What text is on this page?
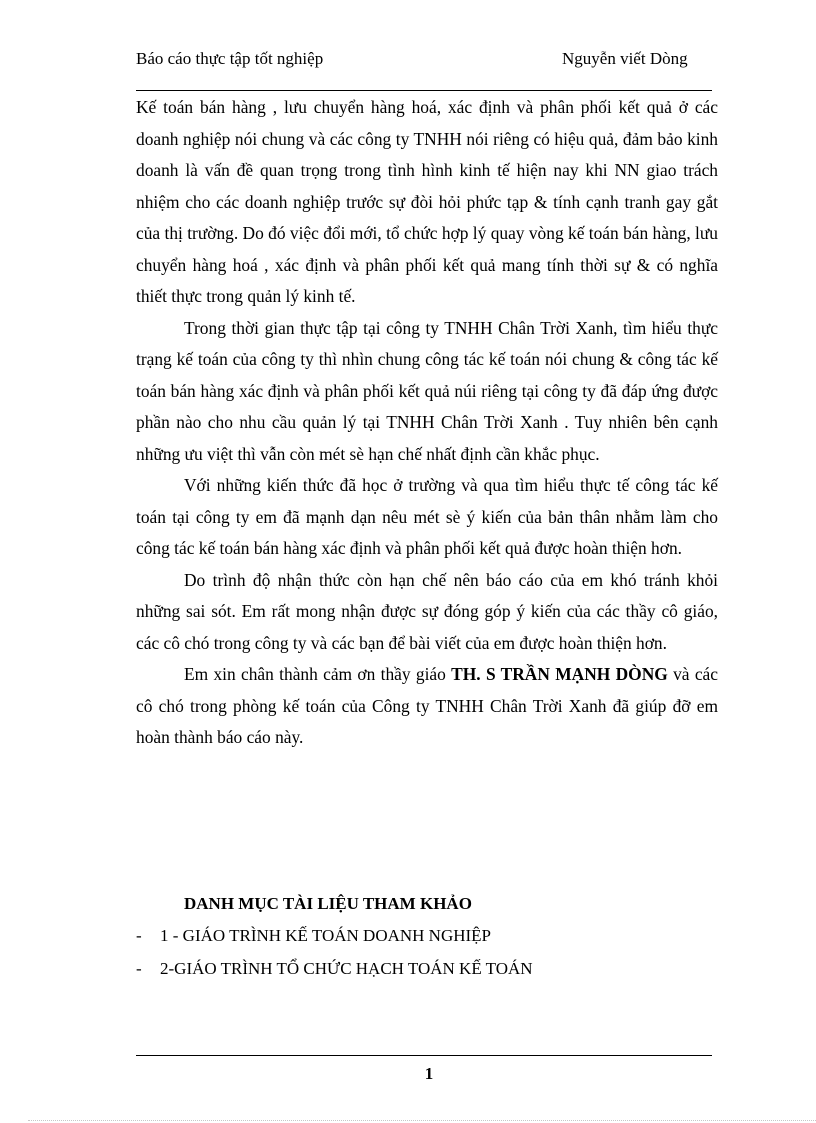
Báo cáo thực tập tốt nghiệp	Nguyễn viết Dòng

Kế toán bán hàng , lưu chuyển hàng hoá, xác định và phân phối kết quả ở các doanh nghiệp nói chung và các công ty TNHH nói riêng có hiệu quả, đảm bảo kinh doanh là vấn đề quan trọng trong tình hình kinh tế hiện nay khi NN giao trách nhiệm cho các doanh nghiệp trước sự đòi hỏi phức tạp & tính cạnh tranh gay gắt của thị trường. Do đó việc đổi mới, tổ chức hợp lý quay vòng kế toán bán hàng, lưu chuyển hàng hoá , xác định và phân phối kết quả mang tính thời sự & có nghĩa thiết thực trong quản lý kinh tế.

Trong thời gian thực tập tại công ty TNHH Chân Trời Xanh, tìm hiểu thực trạng kế toán của công ty thì nhìn chung công tác kế toán nói chung & công tác kế toán bán hàng xác định và phân phối kết quả núi riêng tại công ty đã đáp ứng được phần nào cho nhu cầu quản lý tại TNHH Chân Trời Xanh . Tuy nhiên bên cạnh những ưu việt thì vẫn còn mét sè hạn chế nhất định cần khắc phục.

Với những kiến thức đã học ở trường và qua tìm hiểu thực tế công tác kế toán tại công ty em đã mạnh dạn nêu mét sè ý kiến của bản thân nhằm làm cho công tác kế toán bán hàng xác định và phân phối kết quả được hoàn thiện hơn.

Do trình độ nhận thức còn hạn chế nên báo cáo của em khó tránh khỏi những sai sót. Em rất mong nhận được sự đóng góp ý kiến của các thầy cô giáo, các cô chó trong công ty và các bạn để bài viết của em được hoàn thiện hơn.

Em xin chân thành cảm ơn thầy giáo TH. S TRẦN MẠNH DÒNG và các cô chó trong phòng kế toán của Công ty TNHH Chân Trời Xanh đã giúp đỡ em hoàn thành báo cáo này.

DANH MỤC TÀI LIỆU THAM KHẢO
- 1 - GIÁO TRÌNH KẾ TOÁN DOANH NGHIỆP
- 2-GIÁO TRÌNH TỔ CHỨC HẠCH TOÁN KẾ TOÁN
1
